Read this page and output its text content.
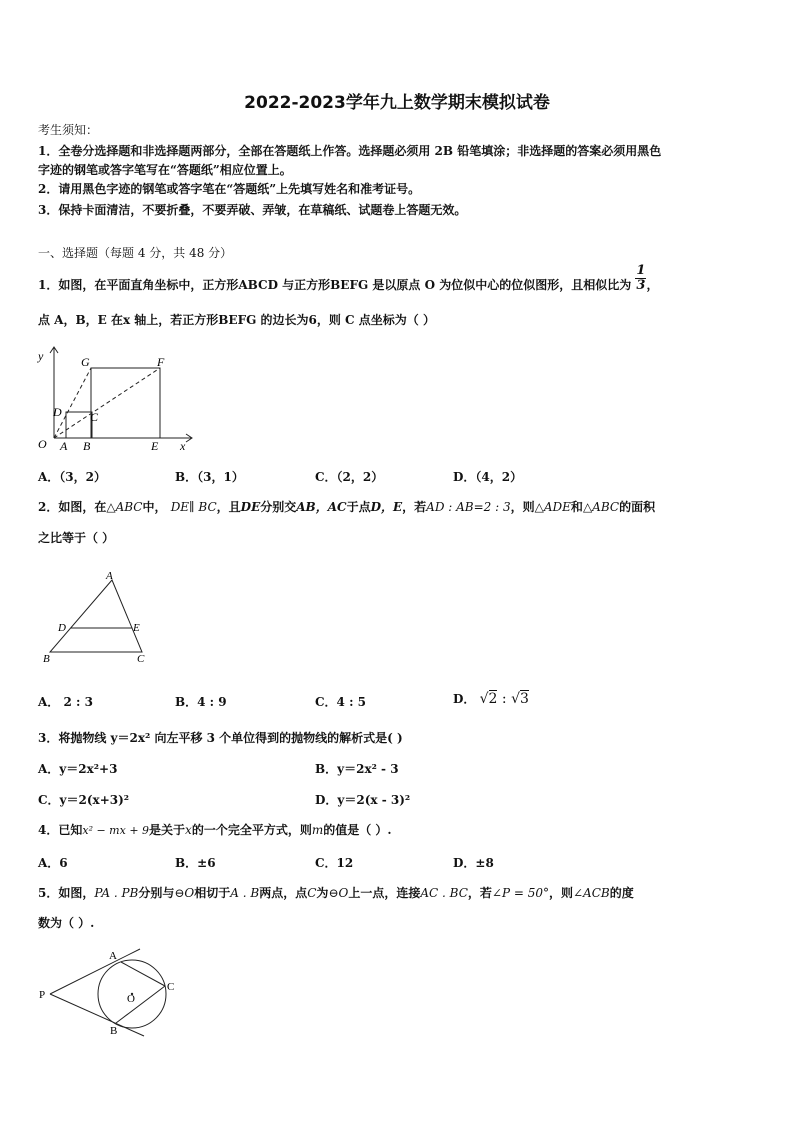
2022-2023学年九上数学期末模拟试卷
考生须知：
1．全卷分选择题和非选择题两部分，全部在答题纸上作答。选择题必须用 2B 铅笔填涂；非选择题的答案必须用黑色
字迹的钢笔或答字笔写在“答题纸”相应位置上。
2．请用黑色字迹的钢笔或答字笔在“答题纸”上先填写姓名和准考证号。
3．保持卡面清洁，不要折叠，不要弄破、弄皱，在草稿纸、试题卷上答题无效。
一、选择题（每题 4 分，共 48 分）
1．如图，在平面直角坐标中，正方形ABCD 与正方形BEFG 是以原点 O 为位似中心的位似图形，且相似比为 $\frac{1}{3}$ ，
点 A，B，E 在x 轴上，若正方形BEFG 的边长为6，则 C 点坐标为（ ）
y
x
O A B	E
D C
G	F
A．（3，2）	B．（3，1）	C．（2，2）	D．（4，2）
2．如图，在△ABC中， DE∥ BC，且DE分别交AB，AC于点D，E，若AD : AB=2 : 3，则△ADE和△ABC的面积
之比等于（ ）
A
D	E
B	C
A． 2 : 3	B．4 : 9	C．4 : 5	D． √2 : √3
3．将抛物线 y＝2x² 向左平移 3 个单位得到的抛物线的解析式是( )
A．y＝2x²+3	B．y＝2x² - 3
C．y＝2(x+3)²	D．y＝2(x - 3)²
4．已知x² − mx + 9是关于x的一个完全平方式，则m的值是（ ）.
A．6	B．±6	C．12	D．±8
5．如图，PA . PB分别与⊖O相切于A . B两点，点C为⊖O上一点，连接AC . BC，若∠P = 50°，则∠ACB的度
数为（ ）.
A
B
C
P	O
